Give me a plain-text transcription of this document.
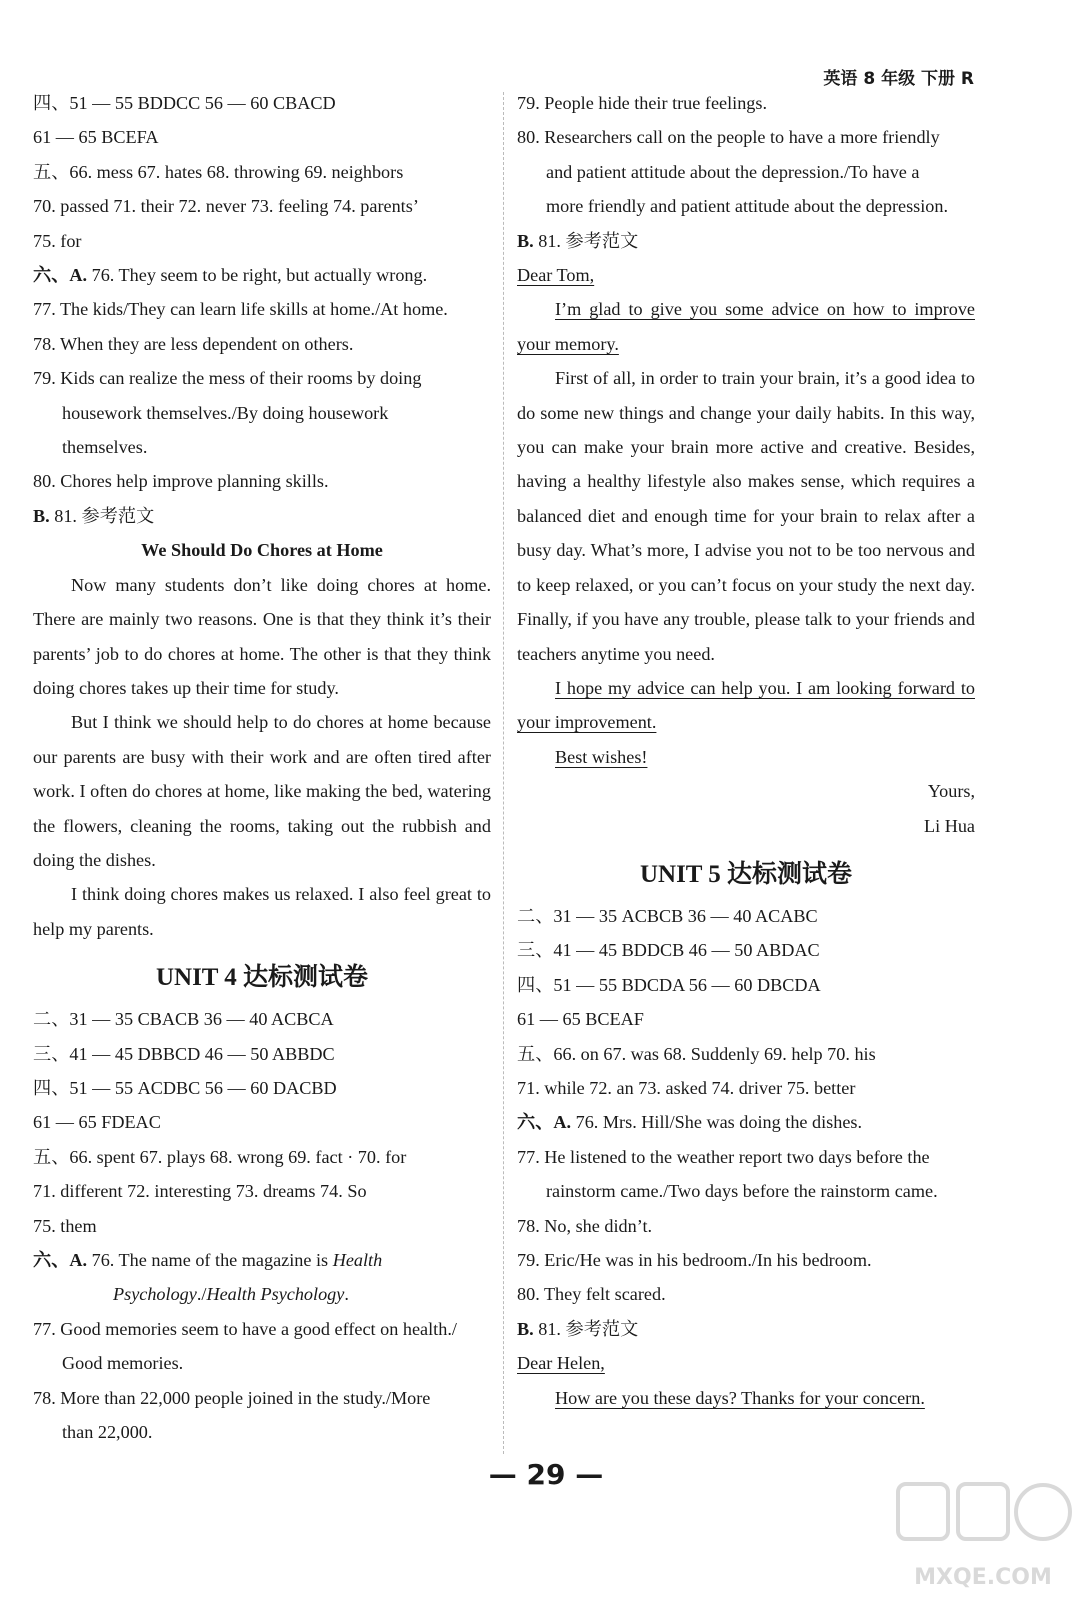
英语 8 年级 下册 R
四、51 — 55 BDDCC 56 — 60 CBACD
61 — 65 BCEFA
五、66. mess 67. hates 68. throwing 69. neighbors
70. passed 71. their 72. never 73. feeling 74. parents’
75. for
六、A. 76. They seem to be right, but actually wrong.
77. The kids/They can learn life skills at home./At home.
78. When they are less dependent on others.
79. Kids can realize the mess of their rooms by doing
housework themselves./By doing housework
themselves.
80. Chores help improve planning skills.
B. 81. 参考范文
We Should Do Chores at Home
Now many students don’t like doing chores at home. There are mainly two reasons. One is that they think it’s their parents’ job to do chores at home. The other is that they think doing chores takes up their time for study.
But I think we should help to do chores at home because our parents are busy with their work and are often tired after work. I often do chores at home, like making the bed, watering the flowers, cleaning the rooms, taking out the rubbish and doing the dishes.
I think doing chores makes us relaxed. I also feel great to help my parents.
UNIT 4 达标测试卷
二、31 — 35 CBACB 36 — 40 ACBCA
三、41 — 45 DBBCD 46 — 50 ABBDC
四、51 — 55 ACDBC 56 — 60 DACBD
61 — 65 FDEAC
五、66. spent 67. plays 68. wrong 69. fact · 70. for
71. different 72. interesting 73. dreams 74. So
75. them
六、A. 76. The name of the magazine is Health
Psychology./Health Psychology.
77. Good memories seem to have a good effect on health./
Good memories.
78. More than 22,000 people joined in the study./More
than 22,000.
79. People hide their true feelings.
80. Researchers call on the people to have a more friendly
and patient attitude about the depression./To have a
more friendly and patient attitude about the depression.
B. 81. 参考范文
Dear Tom,
I’m glad to give you some advice on how to improve your memory.
First of all, in order to train your brain, it’s a good idea to do some new things and change your daily habits. In this way, you can make your brain more active and creative. Besides, having a healthy lifestyle also makes sense, which requires a balanced diet and enough time for your brain to relax after a busy day. What’s more, I advise you not to be too nervous and to keep relaxed, or you can’t focus on your study the next day. Finally, if you have any trouble, please talk to your friends and teachers anytime you need.
I hope my advice can help you. I am looking forward to your improvement.
Best wishes!
Yours,
Li Hua
UNIT 5 达标测试卷
二、31 — 35 ACBCB 36 — 40 ACABC
三、41 — 45 BDDCB 46 — 50 ABDAC
四、51 — 55 BDCDA 56 — 60 DBCDA
61 — 65 BCEAF
五、66. on 67. was 68. Suddenly 69. help 70. his
71. while 72. an 73. asked 74. driver 75. better
六、A. 76. Mrs. Hill/She was doing the dishes.
77. He listened to the weather report two days before the
rainstorm came./Two days before the rainstorm came.
78. No, she didn’t.
79. Eric/He was in his bedroom./In his bedroom.
80. They felt scared.
B. 81. 参考范文
Dear Helen,
How are you these days? Thanks for your concern.
— 29 —
MXQE.COM
